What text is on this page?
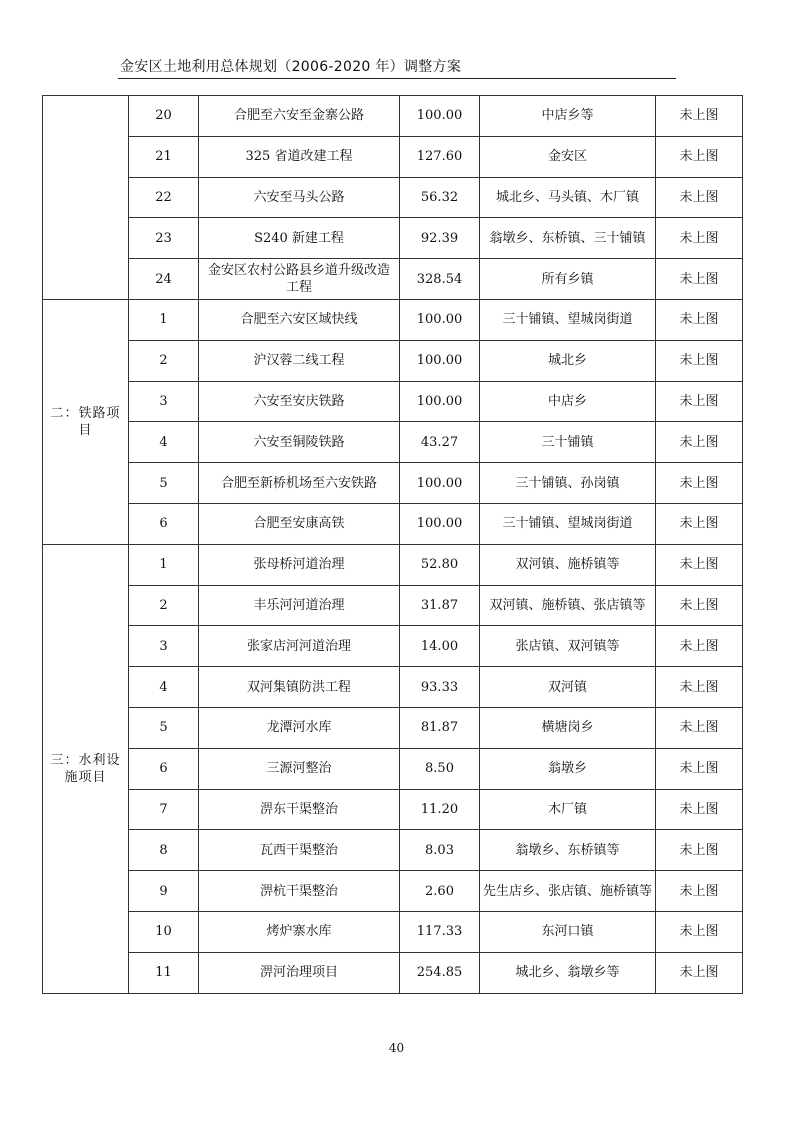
金安区土地利用总体规划（2006-2020 年）调整方案
	20	合肥至六安至金寨公路	100.00	中店乡等	未上图
	21	325 省道改建工程	127.60	金安区	未上图
	22	六安至马头公路	56.32	城北乡、马头镇、木厂镇	未上图
	23	S240 新建工程	92.39	翁墩乡、东桥镇、三十铺镇	未上图
	24	金安区农村公路县乡道升级改造工程	328.54	所有乡镇	未上图
二：铁路项目	1	合肥至六安区域快线	100.00	三十铺镇、望城岗街道	未上图
	2	沪汉蓉二线工程	100.00	城北乡	未上图
	3	六安至安庆铁路	100.00	中店乡	未上图
	4	六安至铜陵铁路	43.27	三十铺镇	未上图
	5	合肥至新桥机场至六安铁路	100.00	三十铺镇、孙岗镇	未上图
	6	合肥至安康高铁	100.00	三十铺镇、望城岗街道	未上图
三：水利设施项目	1	张母桥河道治理	52.80	双河镇、施桥镇等	未上图
	2	丰乐河河道治理	31.87	双河镇、施桥镇、张店镇等	未上图
	3	张家店河河道治理	14.00	张店镇、双河镇等	未上图
	4	双河集镇防洪工程	93.33	双河镇	未上图
	5	龙潭河水库	81.87	横塘岗乡	未上图
	6	三源河整治	8.50	翁墩乡	未上图
	7	淠东干渠整治	11.20	木厂镇	未上图
	8	瓦西干渠整治	8.03	翁墩乡、东桥镇等	未上图
	9	淠杭干渠整治	2.60	先生店乡、张店镇、施桥镇等	未上图
	10	烤炉寨水库	117.33	东河口镇	未上图
	11	淠河治理项目	254.85	城北乡、翁墩乡等	未上图
40
